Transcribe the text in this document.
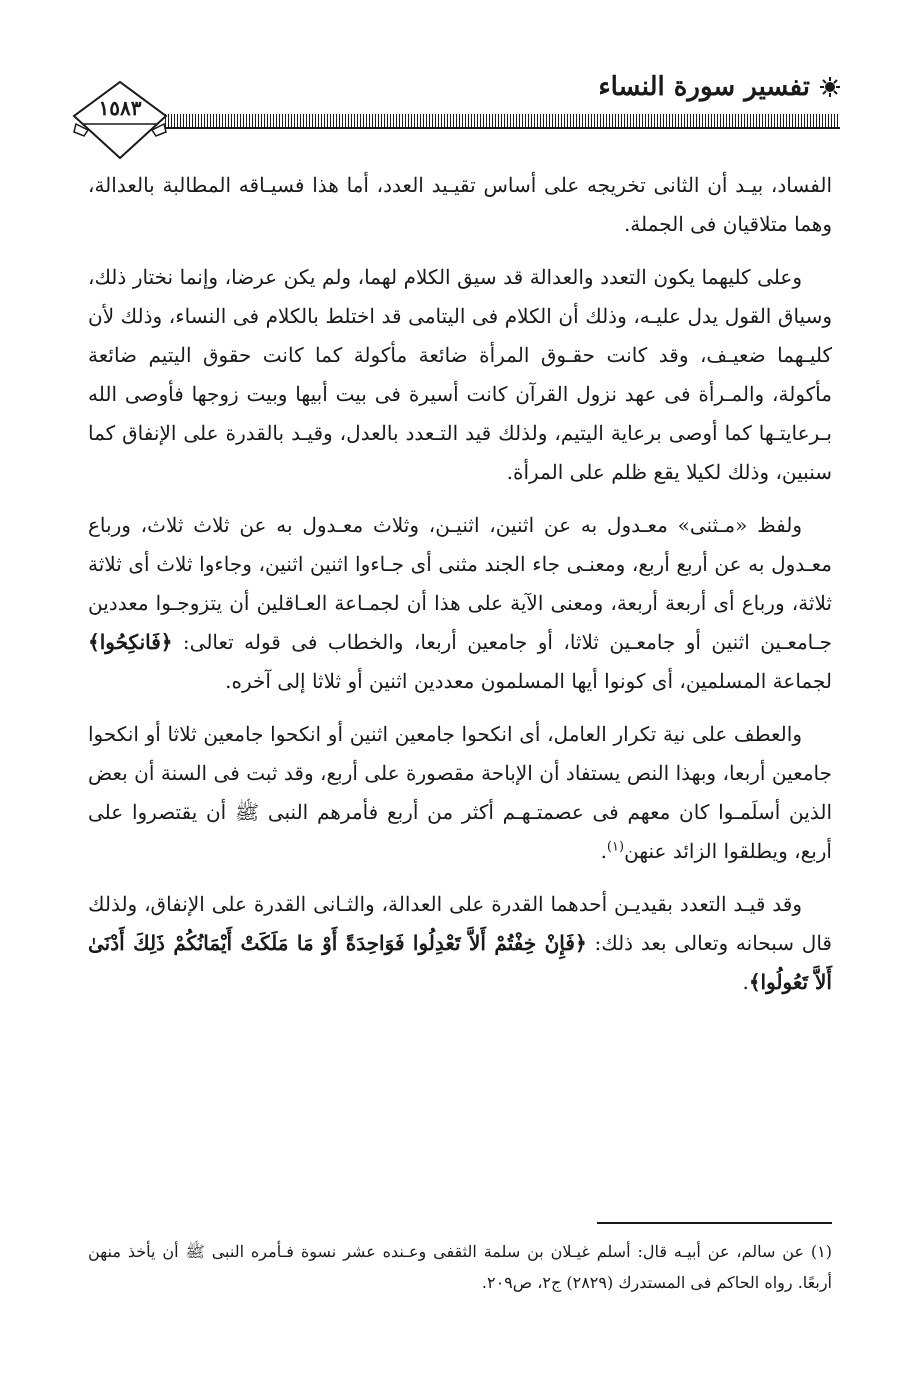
تفسير سورة النساء
١٥٨٣

الفساد، بيـد أن الثانى تخريجه على أساس تقيـيد العدد، أما هذا فسيـاقه المطالبة بالعدالة، وهما متلاقيان فى الجملة.

وعلى كليهما يكون التعدد والعدالة قد سيق الكلام لهما، ولم يكن عرضا، وإنما نختار ذلك، وسياق القول يدل عليـه، وذلك أن الكلام فى اليتامى قد اختلط بالكلام فى النساء، وذلك لأن كليـهما ضعيـف، وقد كانت حقـوق المرأة ضائعة مأكولة كما كانت حقوق اليتيم ضائعة مأكولة، والمـرأة فى عهد نزول القرآن كانت أسيرة فى بيت أبيها وبيت زوجها فأوصى الله بـرعايتـها كما أوصى برعاية اليتيم، ولذلك قيد التـعدد بالعدل، وقيـد بالقدرة على الإنفاق كما سنبين، وذلك لكيلا يقع ظلم على المرأة.

ولفظ «مـثنى» معـدول به عن اثنين، اثنيـن، وثلاث معـدول به عن ثلاث ثلاث، ورباع معـدول به عن أربع أربع، ومعنـى جاء الجند مثنى أى جـاءوا اثنين اثنين، وجاءوا ثلاث أى ثلاثة ثلاثة، ورباع أى أربعة أربعة، ومعنى الآية على هذا أن لجمـاعة العـاقلين أن يتزوجـوا معددين جـامعـين اثنين أو جامعـين ثلاثا، أو جامعين أربعا، والخطاب فى قوله تعالى: ﴿فَانكِحُوا﴾ لجماعة المسلمين، أى كونوا أيها المسلمون معددين اثنين أو ثلاثا إلى آخره.

والعطف على نية تكرار العامل، أى انكحوا جامعين اثنين أو انكحوا جامعين ثلاثا أو انكحوا جامعين أربعا، وبهذا النص يستفاد أن الإباحة مقصورة على أربع، وقد ثبت فى السنة أن بعض الذين أسلَمـوا كان معهم فى عصمتـهـم أكثر من أربع فأمرهم النبى ﷺ أن يقتصروا على أربع، ويطلقوا الزائد عنهن$^{(١)}$.

وقد قيـد التعدد بقيديـن أحدهما القدرة على العدالة، والثـانى القدرة على الإنفاق، ولذلك قال سبحانه وتعالى بعد ذلك: ﴿فَإِنْ خِفْتُمْ أَلاَّ تَعْدِلُوا فَوَاحِدَةً أَوْ مَا مَلَكَتْ أَيْمَانُكُمْ ذَلِكَ أَدْنَىٰ أَلاَّ تَعُولُوا﴾.

(١) عن سالم، عن أبيـه قال: أسلم غيـلان بن سلمة الثقفى وعـنده عشر نسوة فـأمره النبى ﷺ أن يأخذ منهن أربعًا. رواه الحاكم فى المستدرك (٢٨٢٩) ج٢، ص٢٠٩.
